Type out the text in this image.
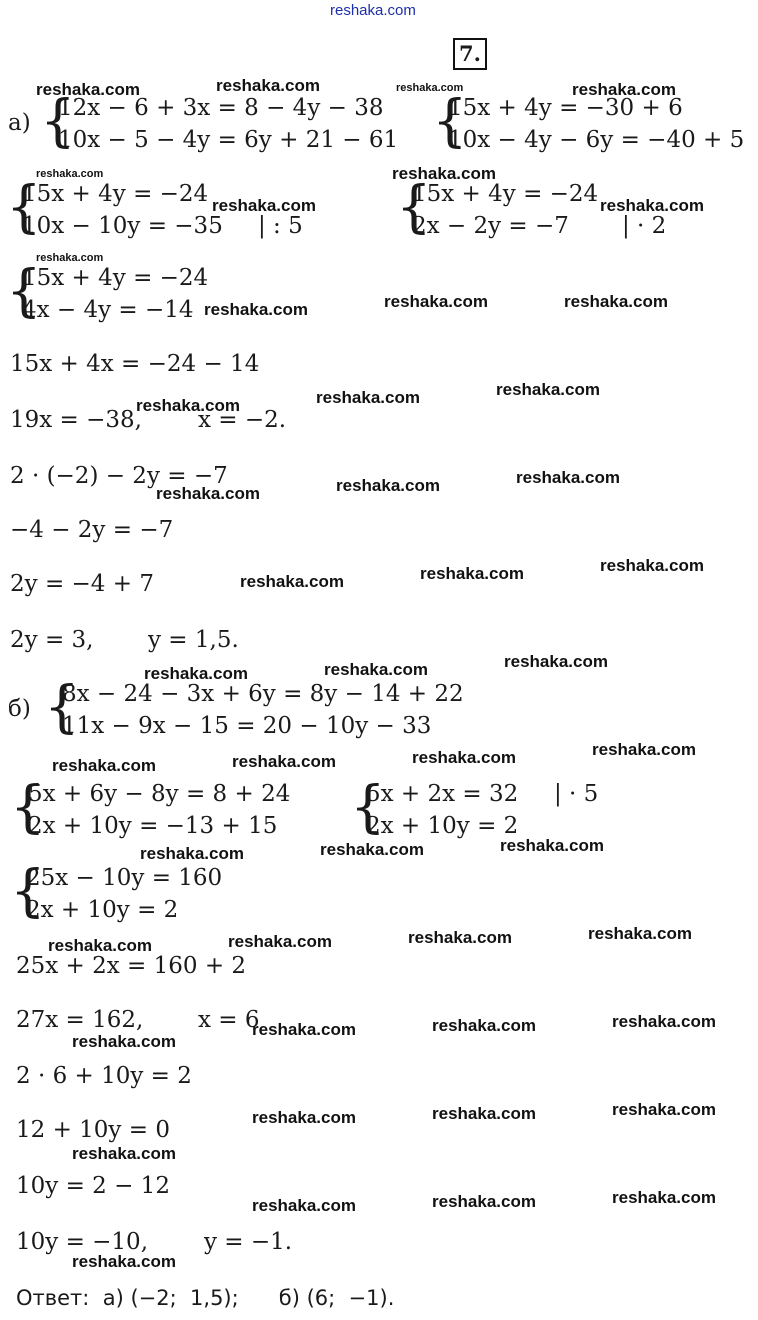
reshaka.com
7.
а) {
12x − 6 + 3x = 8 − 4y − 38
10x − 5 − 4y = 6y + 21 − 61 {
15x + 4y = −30 + 6
10x − 4y − 6y = −40 + 5
{
15x + 4y = −24
10x − 10y = −35 | : 5 {
15x + 4y = −24
2x − 2y = −7 | · 2
{
15x + 4y = −24
4x − 4y = −14
15x + 4x = −24 − 14
19x = −38, x = −2.
2 · (−2) − 2y = −7
−4 − 2y = −7
2y = −4 + 7
2y = 3, y = 1,5.
б) {
8x − 24 − 3x + 6y = 8y − 14 + 22
11x − 9x − 15 = 20 − 10y − 33
{
5x + 6y − 8y = 8 + 24
2x + 10y = −13 + 15 {
5x + 2x = 32
2x + 10y = 2
| · 5
{
25x − 10y = 160
2x + 10y = 2
25x + 2x = 160 + 2
27x = 162, x = 6
2 · 6 + 10y = 2
12 + 10y = 0
10y = 2 − 12
10y = −10, y = −1.
Ответ:  а) (−2;  1,5);      б) (6;  −1).
reshaka.com	reshaka.com	reshaka.com	reshaka.com
reshaka.com	reshaka.com
reshaka.com	reshaka.com
reshaka.com
reshaka.com	reshaka.com	reshaka.com
reshaka.com
reshaka.com
reshaka.com
reshaka.com
reshaka.com
reshaka.com
reshaka.com
reshaka.com
reshaka.com
reshaka.com
reshaka.com
reshaka.com
reshaka.com
reshaka.com
reshaka.com
reshaka.com
reshaka.com
reshaka.com
reshaka.com
reshaka.com
reshaka.com
reshaka.com
reshaka.com
reshaka.com
reshaka.com
reshaka.com
reshaka.com
reshaka.com
reshaka.com
reshaka.com
reshaka.com
reshaka.com
reshaka.com
reshaka.com
reshaka.com
